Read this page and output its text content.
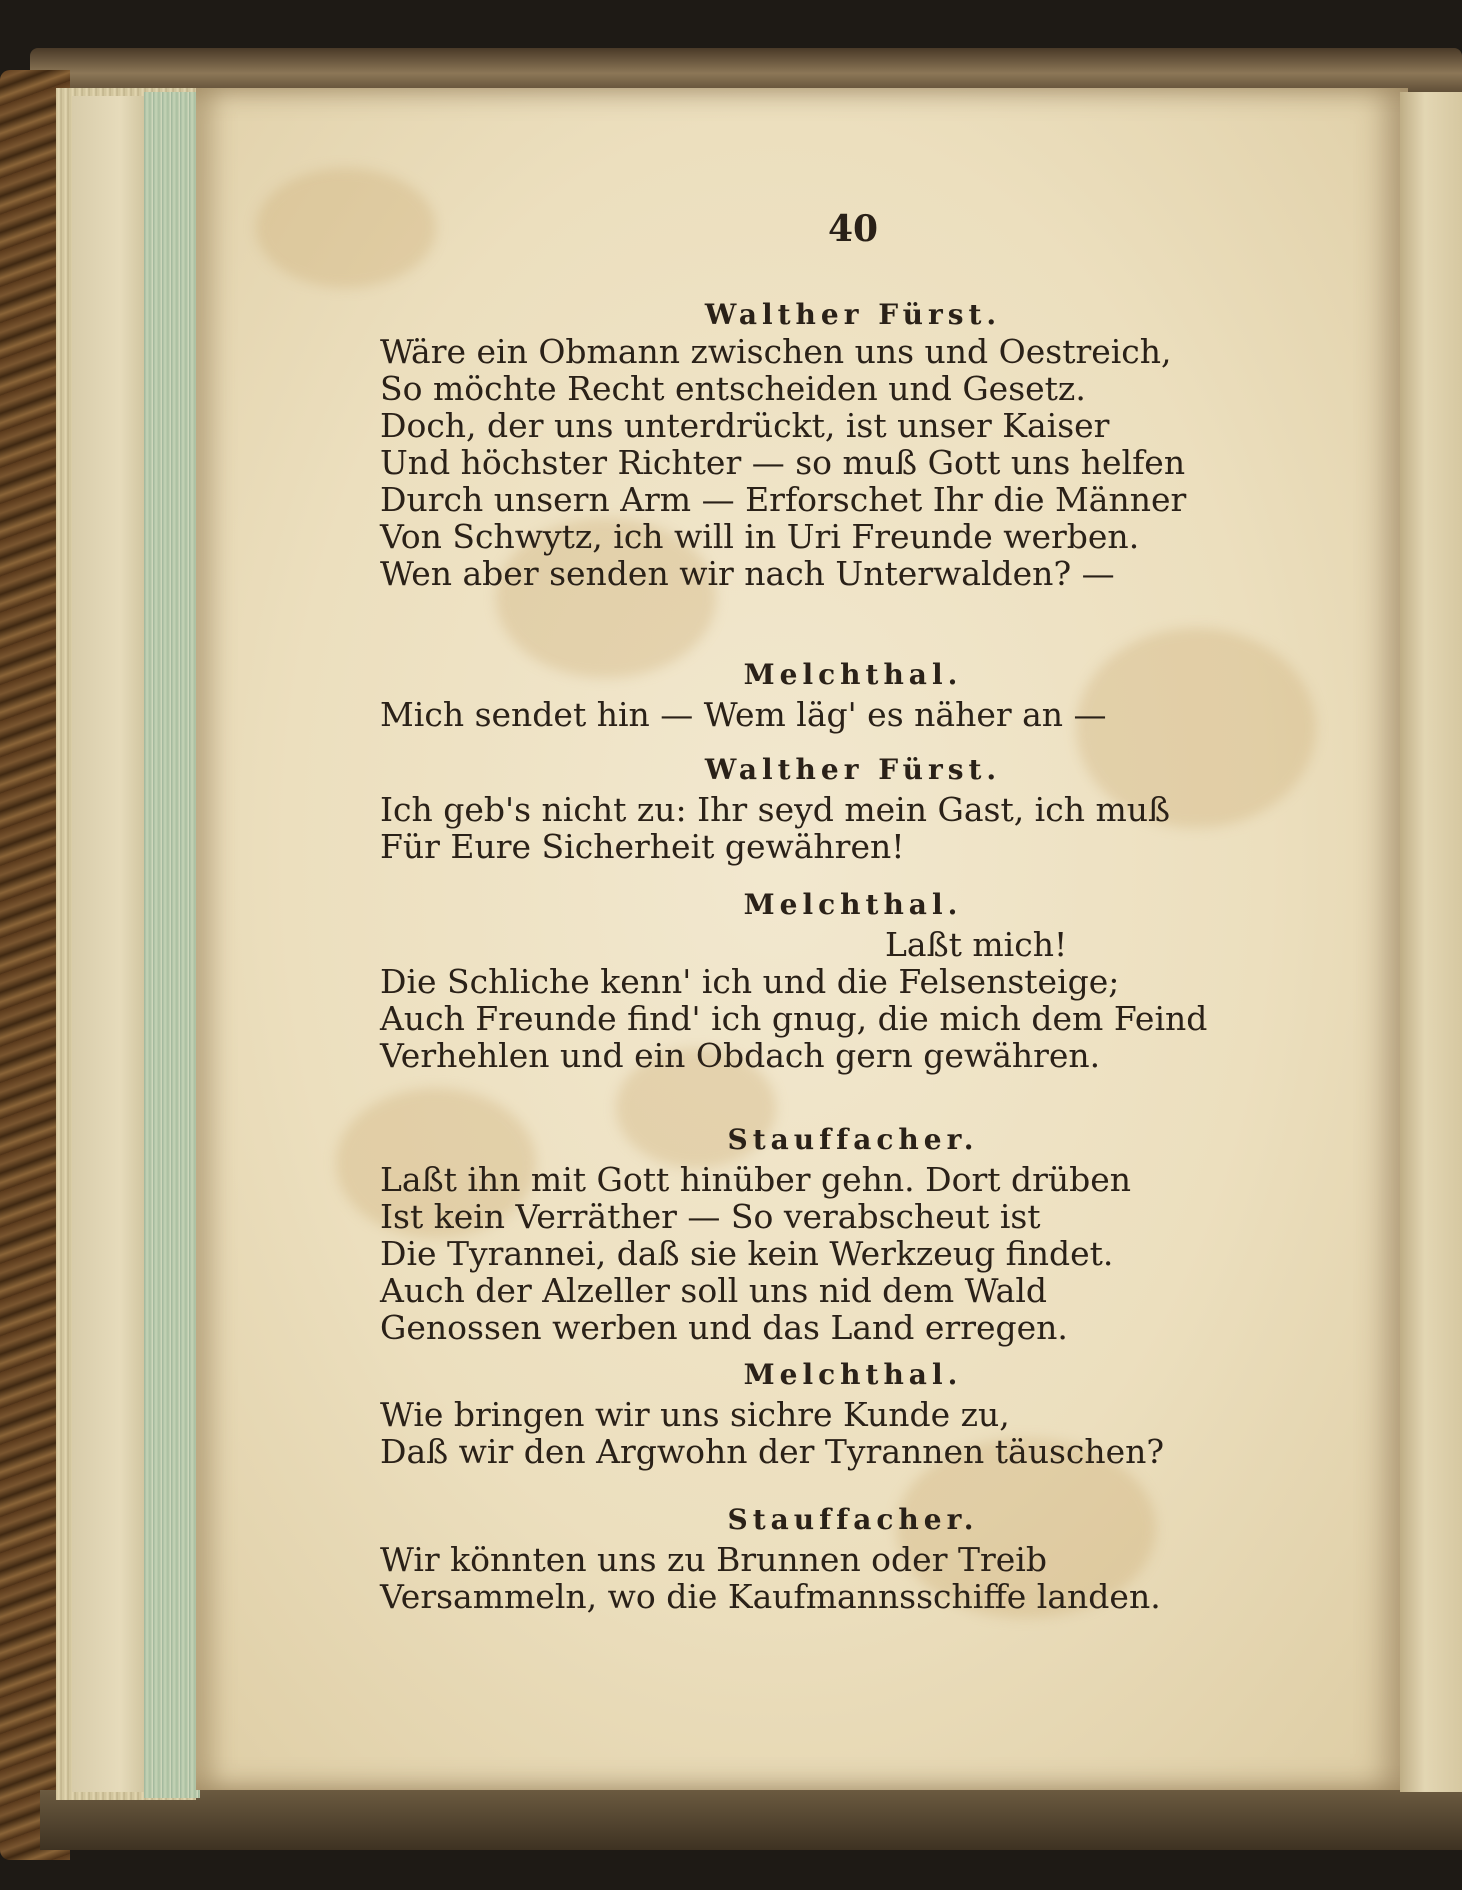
40
Walther Fürst.
Wäre ein Obmann zwischen uns und Oestreich,
So möchte Recht entscheiden und Gesetz.
Doch, der uns unterdrückt, ist unser Kaiser
Und höchster Richter — so muß Gott uns helfen
Durch unsern Arm — Erforschet Ihr die Männer
Von Schwytz, ich will in Uri Freunde werben.
Wen aber senden wir nach Unterwalden? —
Melchthal.
Mich sendet hin — Wem läg' es näher an —
Walther Fürst.
Ich geb's nicht zu: Ihr seyd mein Gast, ich muß
Für Eure Sicherheit gewähren!
Melchthal.
Laßt mich!
Die Schliche kenn' ich und die Felsensteige;
Auch Freunde find' ich gnug, die mich dem Feind
Verhehlen und ein Obdach gern gewähren.
Stauffacher.
Laßt ihn mit Gott hinüber gehn. Dort drüben
Ist kein Verräther — So verabscheut ist
Die Tyrannei, daß sie kein Werkzeug findet.
Auch der Alzeller soll uns nid dem Wald
Genossen werben und das Land erregen.
Melchthal.
Wie bringen wir uns sichre Kunde zu,
Daß wir den Argwohn der Tyrannen täuschen?
Stauffacher.
Wir könnten uns zu Brunnen oder Treib
Versammeln, wo die Kaufmannsschiffe landen.
